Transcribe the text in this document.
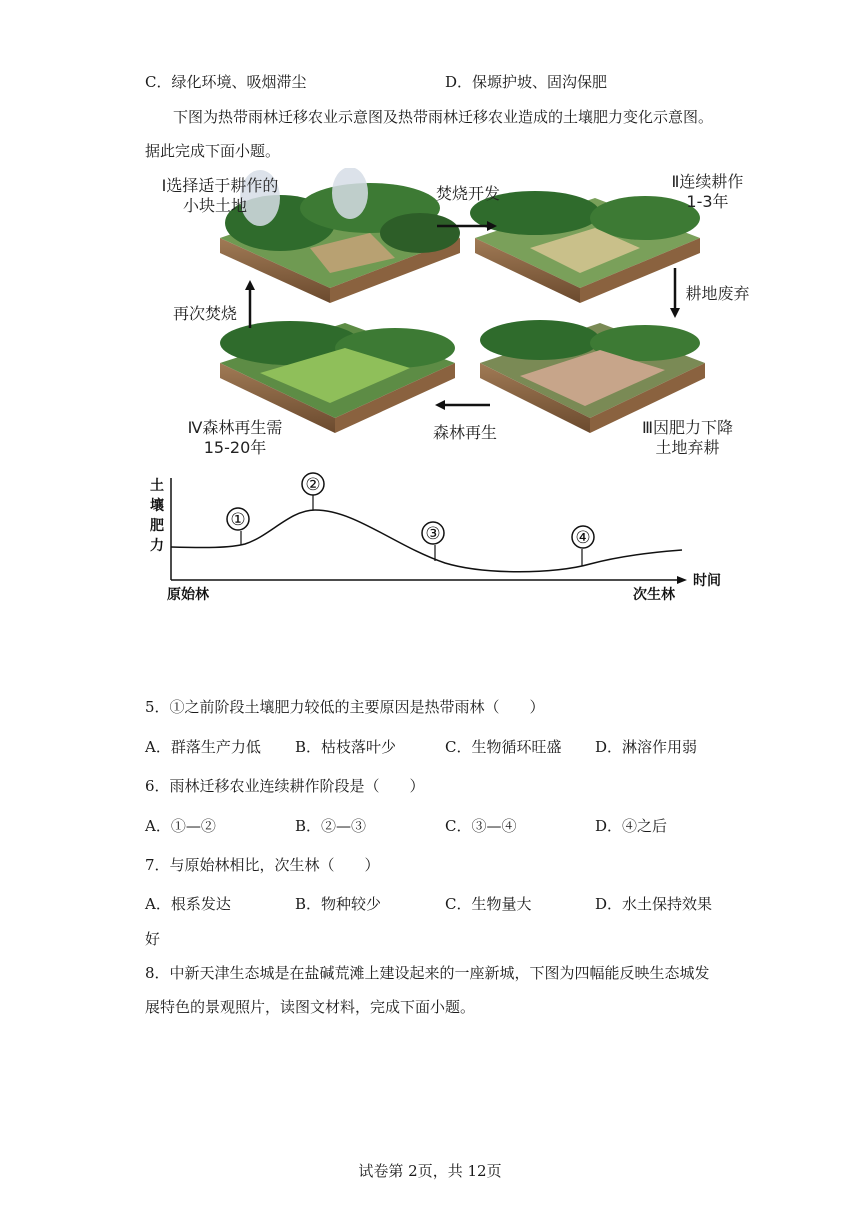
C．绿化环境、吸烟滞尘	D．保塬护坡、固沟保肥
下图为热带雨林迁移农业示意图及热带雨林迁移农业造成的土壤肥力变化示意图。
据此完成下面小题。
Ⅰ选择适于耕作的
小块土地
焚烧开发
Ⅱ连续耕作
1-3年
耕地废弃
再次焚烧
Ⅳ森林再生需
15-20年
森林再生	Ⅲ因肥力下降
土地弃耕
①
②
③	④
土壤肥力
时间
原始林	次生林
5．①之前阶段土壤肥力较低的主要原因是热带雨林（　　）
A．群落生产力低 B．枯枝落叶少	C．生物循环旺盛 D．淋溶作用弱
6．雨林迁移农业连续耕作阶段是（　　）
A．①—②	B．②—③	C．③—④	D．④之后
7．与原始林相比，次生林（　　）
A．根系发达	B．物种较少	C．生物量大	D．水土保持效果
好
8．中新天津生态城是在盐碱荒滩上建设起来的一座新城，下图为四幅能反映生态城发
展特色的景观照片，读图文材料，完成下面小题。
试卷第 2页，共 12页
